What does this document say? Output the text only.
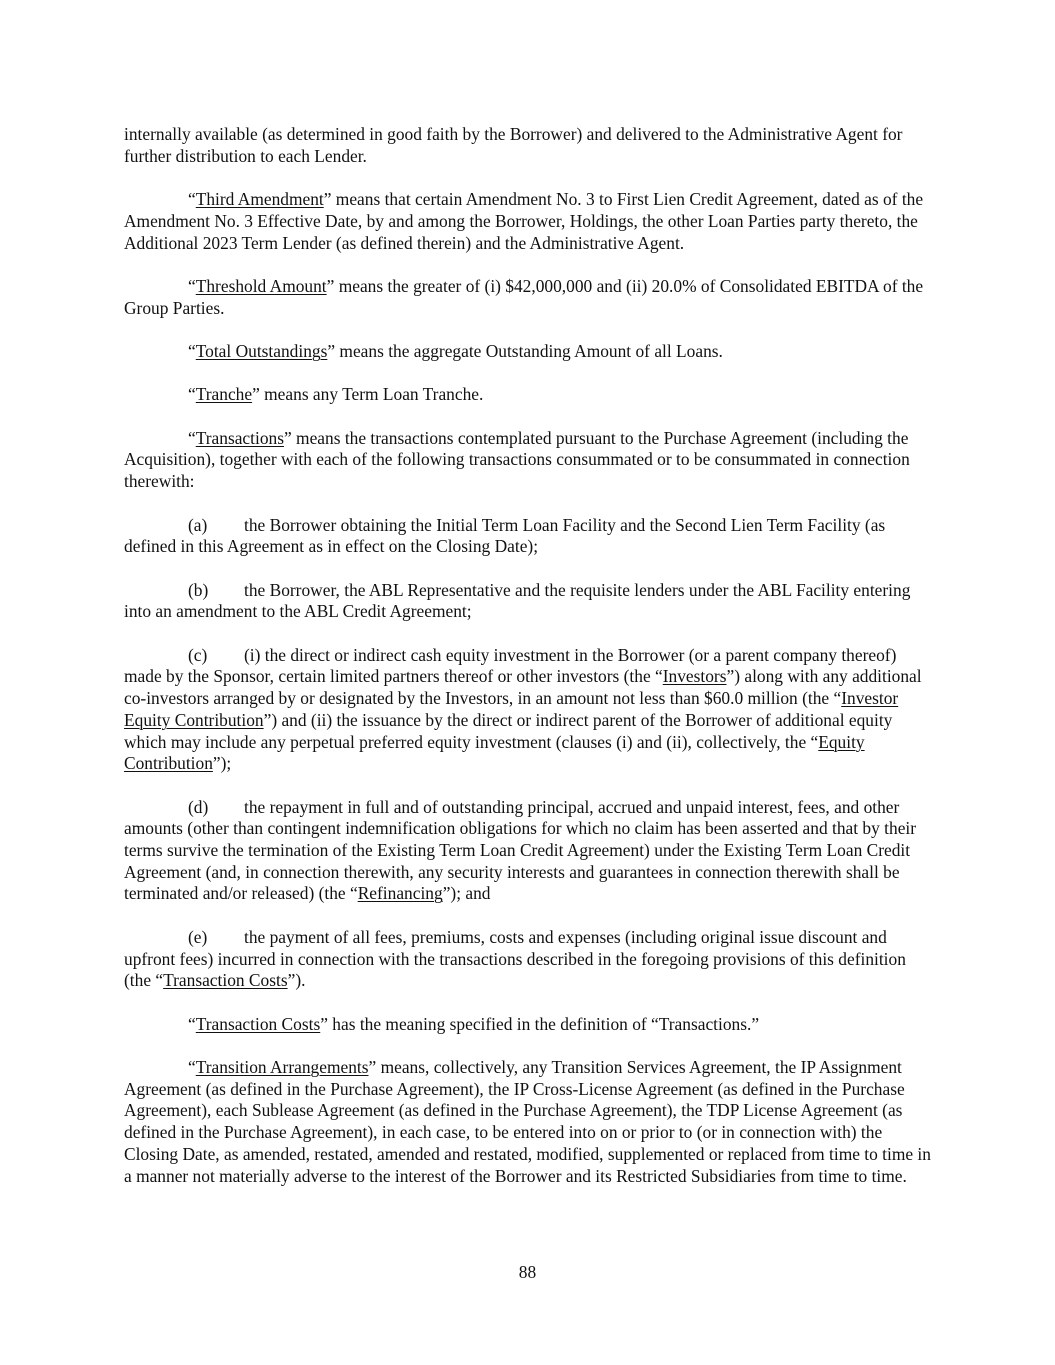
internally available (as determined in good faith by the Borrower) and delivered to the Administrative Agent for further distribution to each Lender.

“Third Amendment” means that certain Amendment No. 3 to First Lien Credit Agreement, dated as of the Amendment No. 3 Effective Date, by and among the Borrower, Holdings, the other Loan Parties party thereto, the Additional 2023 Term Lender (as defined therein) and the Administrative Agent.

“Threshold Amount” means the greater of (i) $42,000,000 and (ii) 20.0% of Consolidated EBITDA of the Group Parties.

“Total Outstandings” means the aggregate Outstanding Amount of all Loans.

“Tranche” means any Term Loan Tranche.

“Transactions” means the transactions contemplated pursuant to the Purchase Agreement (including the Acquisition), together with each of the following transactions consummated or to be consummated in connection therewith:

(a) the Borrower obtaining the Initial Term Loan Facility and the Second Lien Term Facility (as defined in this Agreement as in effect on the Closing Date);

(b) the Borrower, the ABL Representative and the requisite lenders under the ABL Facility entering into an amendment to the ABL Credit Agreement;

(c) (i) the direct or indirect cash equity investment in the Borrower (or a parent company thereof) made by the Sponsor, certain limited partners thereof or other investors (the “Investors”) along with any additional co-investors arranged by or designated by the Investors, in an amount not less than $60.0 million (the “Investor Equity Contribution”) and (ii) the issuance by the direct or indirect parent of the Borrower of additional equity which may include any perpetual preferred equity investment (clauses (i) and (ii), collectively, the “Equity Contribution”);

(d) the repayment in full and of outstanding principal, accrued and unpaid interest, fees, and other amounts (other than contingent indemnification obligations for which no claim has been asserted and that by their terms survive the termination of the Existing Term Loan Credit Agreement) under the Existing Term Loan Credit Agreement (and, in connection therewith, any security interests and guarantees in connection therewith shall be terminated and/or released) (the “Refinancing”); and

(e) the payment of all fees, premiums, costs and expenses (including original issue discount and upfront fees) incurred in connection with the transactions described in the foregoing provisions of this definition (the “Transaction Costs”).

“Transaction Costs” has the meaning specified in the definition of “Transactions.”

“Transition Arrangements” means, collectively, any Transition Services Agreement, the IP Assignment Agreement (as defined in the Purchase Agreement), the IP Cross-License Agreement (as defined in the Purchase Agreement), each Sublease Agreement (as defined in the Purchase Agreement), the TDP License Agreement (as defined in the Purchase Agreement), in each case, to be entered into on or prior to (or in connection with) the Closing Date, as amended, restated, amended and restated, modified, supplemented or replaced from time to time in a manner not materially adverse to the interest of the Borrower and its Restricted Subsidiaries from time to time.

88
